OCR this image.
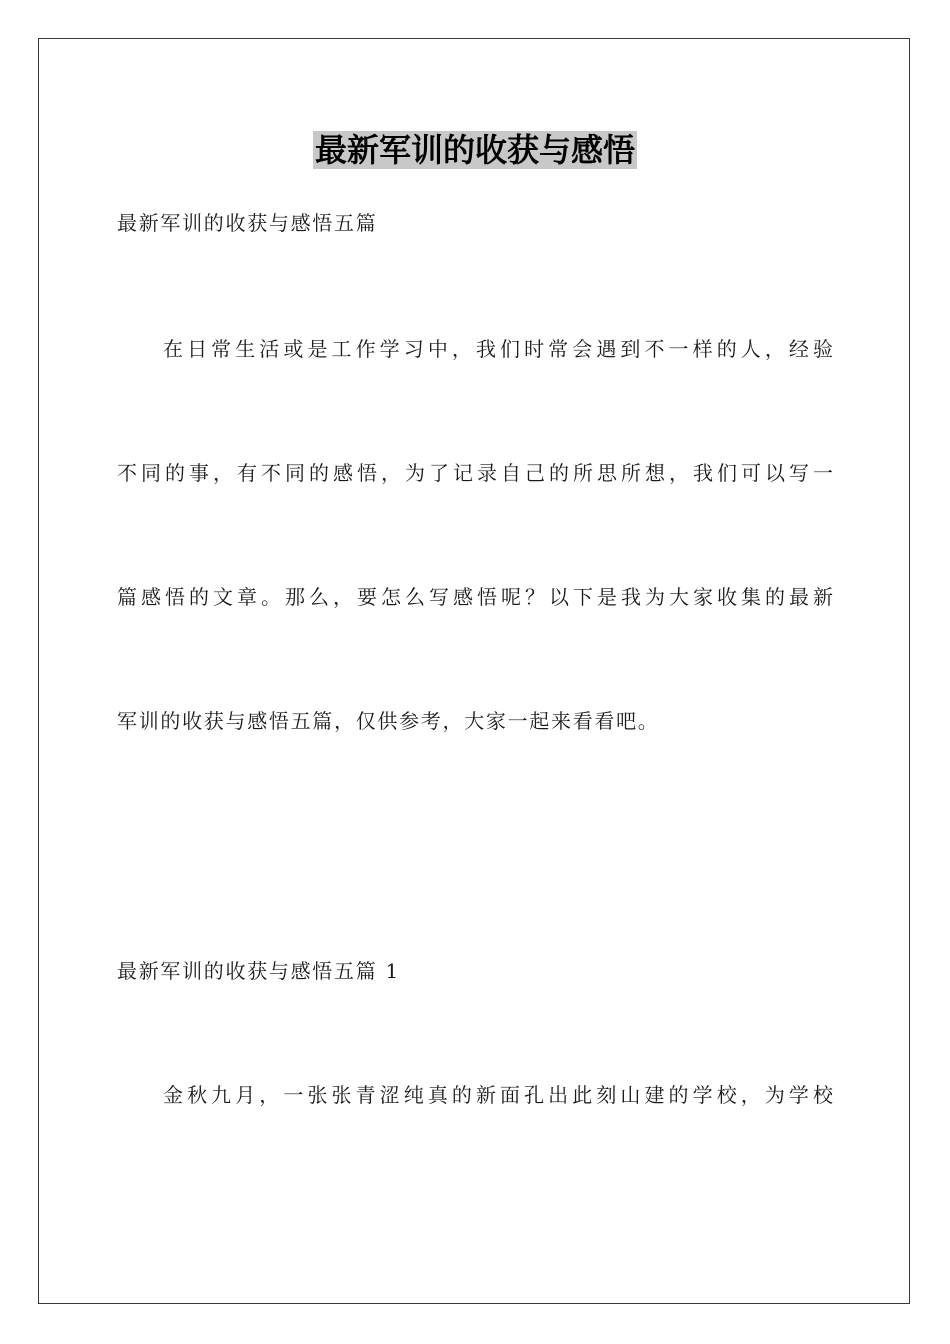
最新军训的收获与感悟
最新军训的收获与感悟五篇
在日常生活或是工作学习中，我们时常会遇到不一样的人，经验
不同的事，有不同的感悟，为了记录自己的所思所想，我们可以写一
篇感悟的文章。那么，要怎么写感悟呢？以下是我为大家收集的最新
军训的收获与感悟五篇，仅供参考，大家一起来看看吧。
最新军训的收获与感悟五篇 1
金秋九月，一张张青涩纯真的新面孔出此刻山建的学校，为学校
